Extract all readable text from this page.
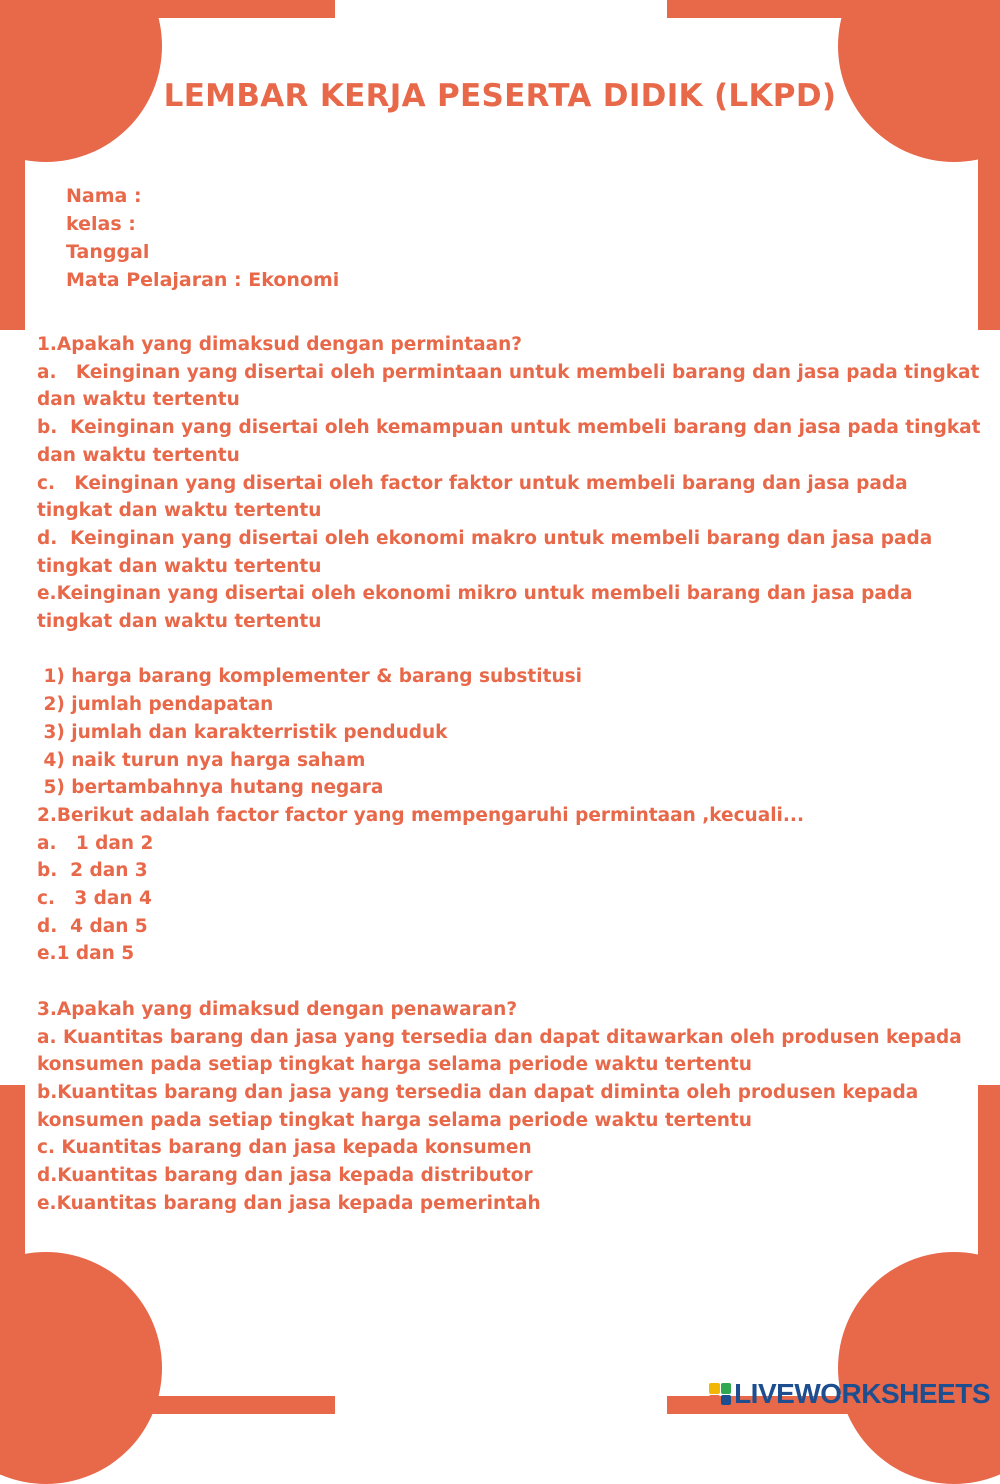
LEMBAR KERJA PESERTA DIDIK (LKPD)
Nama :
kelas :
Tanggal
Mata Pelajaran : Ekonomi
1.Apakah yang dimaksud dengan permintaan?
a.   Keinginan yang disertai oleh permintaan untuk membeli barang dan jasa pada tingkat dan waktu tertentu
b.  Keinginan yang disertai oleh kemampuan untuk membeli barang dan jasa pada tingkat dan waktu tertentu
c.   Keinginan yang disertai oleh factor faktor untuk membeli barang dan jasa pada tingkat dan waktu tertentu
d.  Keinginan yang disertai oleh ekonomi makro untuk membeli barang dan jasa pada tingkat dan waktu tertentu
e.Keinginan yang disertai oleh ekonomi mikro untuk membeli barang dan jasa pada tingkat dan waktu tertentu
1) harga barang komplementer & barang substitusi
2) jumlah pendapatan
3) jumlah dan karakterristik penduduk
4) naik turun nya harga saham
5) bertambahnya hutang negara
2.Berikut adalah factor factor yang mempengaruhi permintaan ,kecuali...
a.   1 dan 2
b.  2 dan 3
c.   3 dan 4
d.  4 dan 5
e.1 dan 5
3.Apakah yang dimaksud dengan penawaran?
a. Kuantitas barang dan jasa yang tersedia dan dapat ditawarkan oleh produsen kepada konsumen pada setiap tingkat harga selama periode waktu tertentu
b.Kuantitas barang dan jasa yang tersedia dan dapat diminta oleh produsen kepada konsumen pada setiap tingkat harga selama periode waktu tertentu
c. Kuantitas barang dan jasa kepada konsumen
d.Kuantitas barang dan jasa kepada distributor
e.Kuantitas barang dan jasa kepada pemerintah
LIVEWORKSHEETS
